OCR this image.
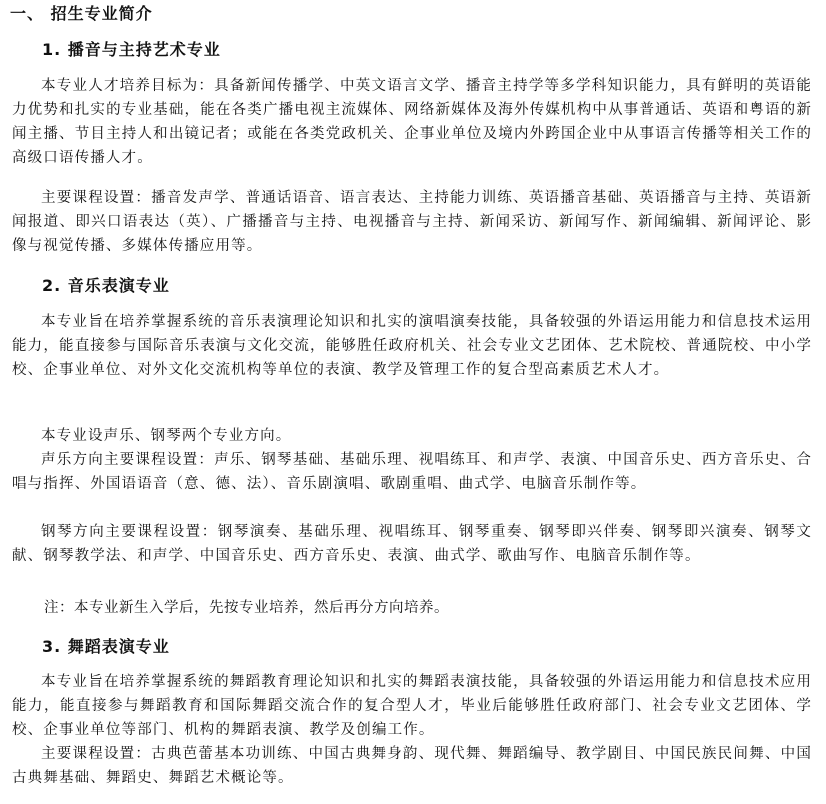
一、 招生专业简介
1. 播音与主持艺术专业

本专业人才培养目标为：具备新闻传播学、中英文语言文学、播音主持学等多学科知识能力，具有鲜明的英语能力优势和扎实的专业基础，能在各类广播电视主流媒体、网络新媒体及海外传媒机构中从事普通话、英语和粤语的新闻主播、节目主持人和出镜记者；或能在各类党政机关、企事业单位及境内外跨国企业中从事语言传播等相关工作的高级口语传播人才。

主要课程设置：播音发声学、普通话语音、语言表达、主持能力训练、英语播音基础、英语播音与主持、英语新闻报道、即兴口语表达（英）、广播播音与主持、电视播音与主持、新闻采访、新闻写作、新闻编辑、新闻评论、影像与视觉传播、多媒体传播应用等。

2. 音乐表演专业

本专业旨在培养掌握系统的音乐表演理论知识和扎实的演唱演奏技能，具备较强的外语运用能力和信息技术运用能力，能直接参与国际音乐表演与文化交流，能够胜任政府机关、社会专业文艺团体、艺术院校、普通院校、中小学校、企事业单位、对外文化交流机构等单位的表演、教学及管理工作的复合型高素质艺术人才。

本专业设声乐、钢琴两个专业方向。

声乐方向主要课程设置：声乐、钢琴基础、基础乐理、视唱练耳、和声学、表演、中国音乐史、西方音乐史、合唱与指挥、外国语语音（意、德、法）、音乐剧演唱、歌剧重唱、曲式学、电脑音乐制作等。

钢琴方向主要课程设置：钢琴演奏、基础乐理、视唱练耳、钢琴重奏、钢琴即兴伴奏、钢琴即兴演奏、钢琴文献、钢琴教学法、和声学、中国音乐史、西方音乐史、表演、曲式学、歌曲写作、电脑音乐制作等。

注：本专业新生入学后，先按专业培养，然后再分方向培养。
3. 舞蹈表演专业

本专业旨在培养掌握系统的舞蹈教育理论知识和扎实的舞蹈表演技能，具备较强的外语运用能力和信息技术应用能力，能直接参与舞蹈教育和国际舞蹈交流合作的复合型人才，毕业后能够胜任政府部门、社会专业文艺团体、学校、企事业单位等部门、机构的舞蹈表演、教学及创编工作。

主要课程设置：古典芭蕾基本功训练、中国古典舞身韵、现代舞、舞蹈编导、教学剧目、中国民族民间舞、中国古典舞基础、舞蹈史、舞蹈艺术概论等。
